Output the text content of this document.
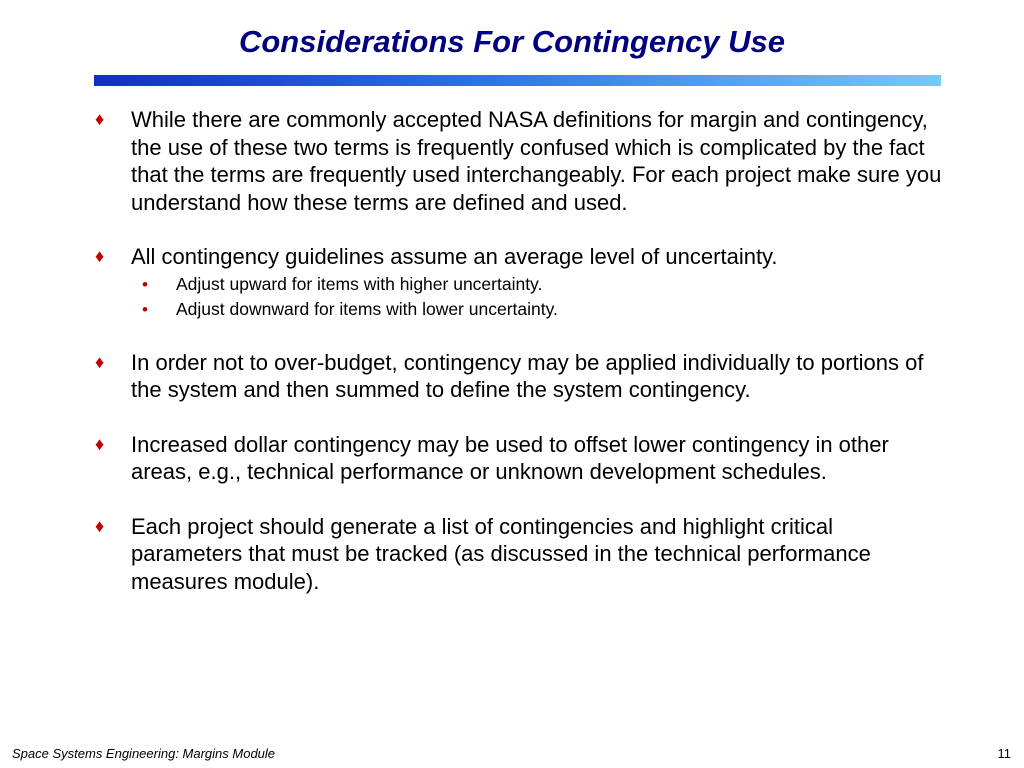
Considerations For Contingency Use
♦	While there are commonly accepted NASA definitions for margin and contingency, the use of these two terms is frequently confused which is complicated by the fact that the terms are frequently used interchangeably. For each project make sure you understand how these terms are defined and used.
♦	All contingency guidelines assume an average level of uncertainty.
• Adjust upward for items with higher uncertainty.
• Adjust downward for items with lower uncertainty.
♦	In order not to over-budget, contingency may be applied individually to portions of the system and then summed to define the system contingency.
♦	Increased dollar contingency may be used to offset lower contingency in other areas, e.g., technical performance or unknown development schedules.
♦	Each project should generate a list of contingencies and highlight critical parameters that must be tracked (as discussed in the technical performance measures module).
Space Systems Engineering: Margins Module	11
